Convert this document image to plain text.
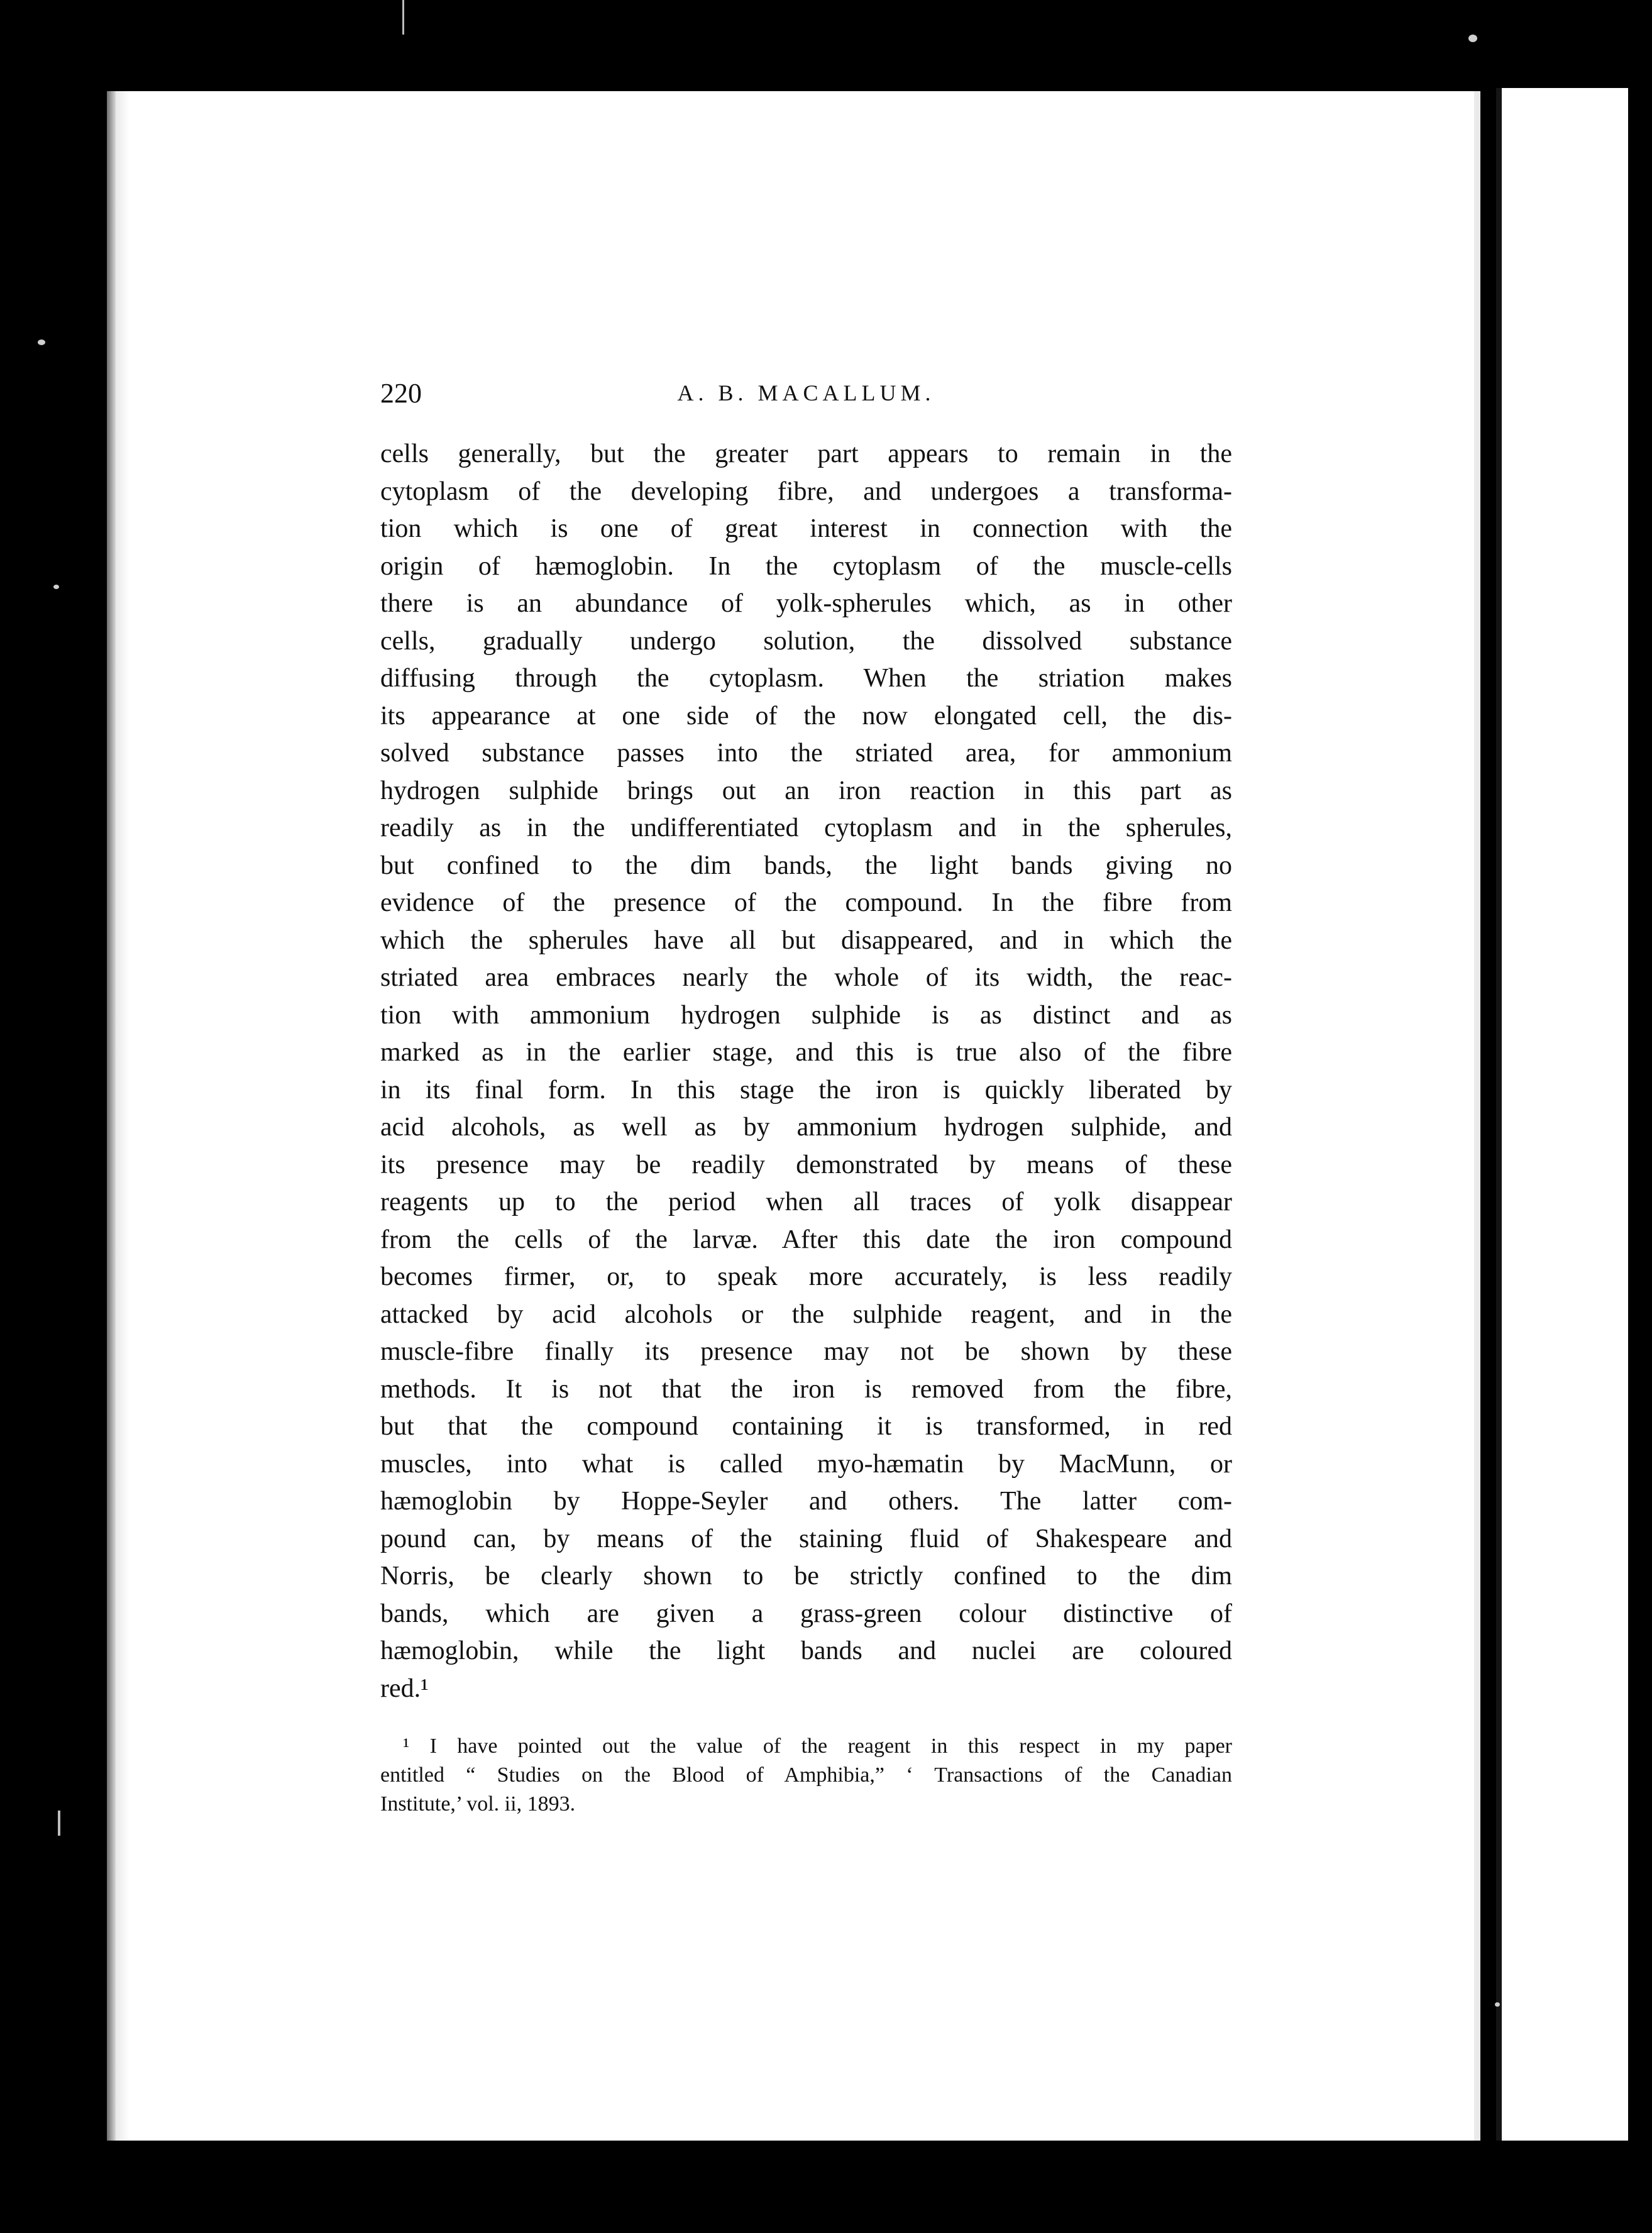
220	A. B. MACALLUM.
cells generally, but the greater part appears to remain in the
cytoplasm of the developing fibre, and undergoes a transforma-
tion which is one of great interest in connection with the
origin of hæmoglobin. In the cytoplasm of the muscle-cells
there is an abundance of yolk-spherules which, as in other
cells, gradually undergo solution, the dissolved substance
diffusing through the cytoplasm. When the striation makes
its appearance at one side of the now elongated cell, the dis-
solved substance passes into the striated area, for ammonium
hydrogen sulphide brings out an iron reaction in this part as
readily as in the undifferentiated cytoplasm and in the spherules,
but confined to the dim bands, the light bands giving no
evidence of the presence of the compound. In the fibre from
which the spherules have all but disappeared, and in which the
striated area embraces nearly the whole of its width, the reac-
tion with ammonium hydrogen sulphide is as distinct and as
marked as in the earlier stage, and this is true also of the fibre
in its final form. In this stage the iron is quickly liberated by
acid alcohols, as well as by ammonium hydrogen sulphide, and
its presence may be readily demonstrated by means of these
reagents up to the period when all traces of yolk disappear
from the cells of the larvæ. After this date the iron compound
becomes firmer, or, to speak more accurately, is less readily
attacked by acid alcohols or the sulphide reagent, and in the
muscle-fibre finally its presence may not be shown by these
methods. It is not that the iron is removed from the fibre,
but that the compound containing it is transformed, in red
muscles, into what is called myo-hæmatin by MacMunn, or
hæmoglobin by Hoppe-Seyler and others. The latter com-
pound can, by means of the staining fluid of Shakespeare and
Norris, be clearly shown to be strictly confined to the dim
bands, which are given a grass-green colour distinctive of
hæmoglobin, while the light bands and nuclei are coloured
red.¹
¹ I have pointed out the value of the reagent in this respect in my paper
entitled “ Studies on the Blood of Amphibia,” ‘ Transactions of the Canadian
Institute,’ vol. ii, 1893.
